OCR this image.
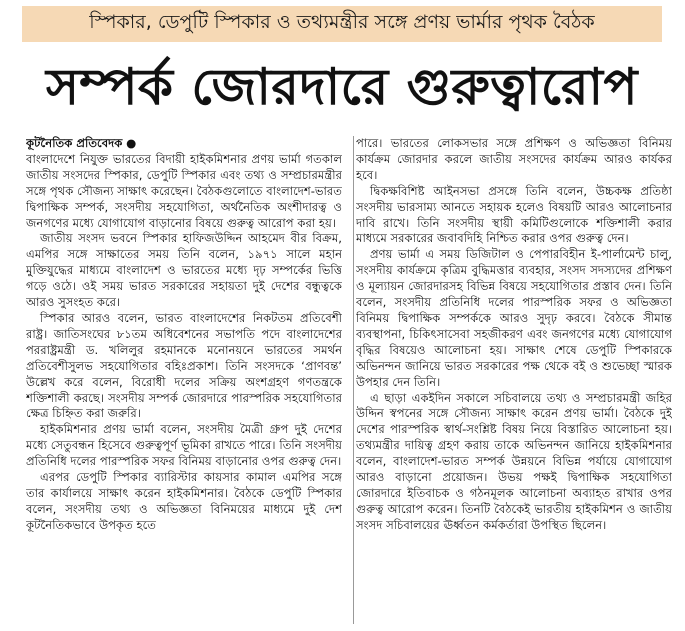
স্পিকার, ডেপুটি স্পিকার ও তথ্যমন্ত্রীর সঙ্গে প্রণয় ভার্মার পৃথক বৈঠক
সম্পর্ক জোরদারে গুরুত্বারোপ

কূটনৈতিক প্রতিবেদক ●

বাংলাদেশে নিযুক্ত ভারতের বিদায়ী হাইকমিশনার প্রণয় ভার্মা গতকাল জাতীয় সংসদের স্পিকার, ডেপুটি স্পিকার এবং তথ্য ও সম্প্রচারমন্ত্রীর সঙ্গে পৃথক সৌজন্য সাক্ষাৎ করেছেন। বৈঠকগুলোতে বাংলাদেশ-ভারত দ্বিপাক্ষিক সম্পর্ক, সংসদীয় সহযোগিতা, অর্থনৈতিক অংশীদারত্ব ও জনগণের মধ্যে যোগাযোগ বাড়ানোর বিষয়ে গুরুত্ব আরোপ করা হয়।

জাতীয় সংসদ ভবনে স্পিকার হাফিজউদ্দিন আহমেদ বীর বিক্রম, এমপির সঙ্গে সাক্ষাতের সময় তিনি বলেন, ১৯৭১ সালে মহান মুক্তিযুদ্ধের মাধ্যমে বাংলাদেশ ও ভারতের মধ্যে দৃঢ় সম্পর্কের ভিত্তি গড়ে ওঠে। ওই সময় ভারত সরকারের সহায়তা দুই দেশের বন্ধুত্বকে আরও সুসংহত করে।

স্পিকার আরও বলেন, ভারত বাংলাদেশের নিকটতম প্রতিবেশী রাষ্ট্র। জাতিসংঘের ৮১তম অধিবেশনের সভাপতি পদে বাংলাদেশের পররাষ্ট্রমন্ত্রী ড. খলিলুর রহমানকে মনোনয়নে ভারতের সমর্থন প্রতিবেশীসুলভ সহযোগিতার বহিঃপ্রকাশ। তিনি সংসদকে ‘প্রাণবন্ত’ উল্লেখ করে বলেন, বিরোধী দলের সক্রিয় অংশগ্রহণ গণতন্ত্রকে শক্তিশালী করছে। সংসদীয় সম্পর্ক জোরদারে পারস্পরিক সহযোগিতার ক্ষেত্র চিহ্নিত করা জরুরি।

হাইকমিশনার প্রণয় ভার্মা বলেন, সংসদীয় মৈত্রী গ্রুপ দুই দেশের মধ্যে সেতুবন্ধন হিসেবে গুরুত্বপূর্ণ ভূমিকা রাখতে পারে। তিনি সংসদীয় প্রতিনিধি দলের পারস্পরিক সফর বিনিময় বাড়ানোর ওপর গুরুত্ব দেন।

এরপর ডেপুটি স্পিকার ব্যারিস্টার কায়সার কামাল এমপির সঙ্গে তার কার্যালয়ে সাক্ষাৎ করেন হাইকমিশনার। বৈঠকে ডেপুটি স্পিকার বলেন, সংসদীয় তথ্য ও অভিজ্ঞতা বিনিময়ের মাধ্যমে দুই দেশ কূটনৈতিকভাবে উপকৃত হতে

পারে। ভারতের লোকসভার সঙ্গে প্রশিক্ষণ ও অভিজ্ঞতা বিনিময় কার্যক্রম জোরদার করলে জাতীয় সংসদের কার্যক্রম আরও কার্যকর হবে।

দ্বিকক্ষবিশিষ্ট আইনসভা প্রসঙ্গে তিনি বলেন, উচ্চকক্ষ প্রতিষ্ঠা সংসদীয় ভারসাম্য আনতে সহায়ক হলেও বিষয়টি আরও আলোচনার দাবি রাখে। তিনি সংসদীয় স্থায়ী কমিটিগুলোকে শক্তিশালী করার মাধ্যমে সরকারের জবাবদিহি নিশ্চিত করার ওপর গুরুত্ব দেন।

প্রণয় ভার্মা এ সময় ডিজিটাল ও পেপারবিহীন ই-পার্লামেন্ট চালু, সংসদীয় কার্যক্রমে কৃত্রিম বুদ্ধিমত্তার ব্যবহার, সংসদ সদস্যদের প্রশিক্ষণ ও মূল্যায়ন জোরদারসহ বিভিন্ন বিষয়ে সহযোগিতার প্রস্তাব দেন। তিনি বলেন, সংসদীয় প্রতিনিধি দলের পারস্পরিক সফর ও অভিজ্ঞতা বিনিময় দ্বিপাক্ষিক সম্পর্ককে আরও সুদৃঢ় করবে। বৈঠকে সীমান্ত ব্যবস্থাপনা, চিকিৎসাসেবা সহজীকরণ এবং জনগণের মধ্যে যোগাযোগ বৃদ্ধির বিষয়েও আলোচনা হয়। সাক্ষাৎ শেষে ডেপুটি স্পিকারকে অভিনন্দন জানিয়ে ভারত সরকারের পক্ষ থেকে বই ও শুভেচ্ছা স্মারক উপহার দেন তিনি।

এ ছাড়া একইদিন সকালে সচিবালয়ে তথ্য ও সম্প্রচারমন্ত্রী জহির উদ্দিন স্বপনের সঙ্গে সৌজন্য সাক্ষাৎ করেন প্রণয় ভার্মা। বৈঠকে দুই দেশের পারস্পরিক স্বার্থ-সংশ্লিষ্ট বিষয় নিয়ে বিস্তারিত আলোচনা হয়। তথ্যমন্ত্রীর দায়িত্ব গ্রহণ করায় তাকে অভিনন্দন জানিয়ে হাইকমিশনার বলেন, বাংলাদেশ-ভারত সম্পর্ক উন্নয়নে বিভিন্ন পর্যায়ে যোগাযোগ আরও বাড়ানো প্রয়োজন। উভয় পক্ষই দ্বিপাক্ষিক সহযোগিতা জোরদারে ইতিবাচক ও গঠনমূলক আলোচনা অব্যাহত রাখার ওপর গুরুত্ব আরোপ করেন। তিনটি বৈঠকেই ভারতীয় হাইকমিশন ও জাতীয় সংসদ সচিবালয়ের ঊর্ধ্বতন কর্মকর্তারা উপস্থিত ছিলেন।
